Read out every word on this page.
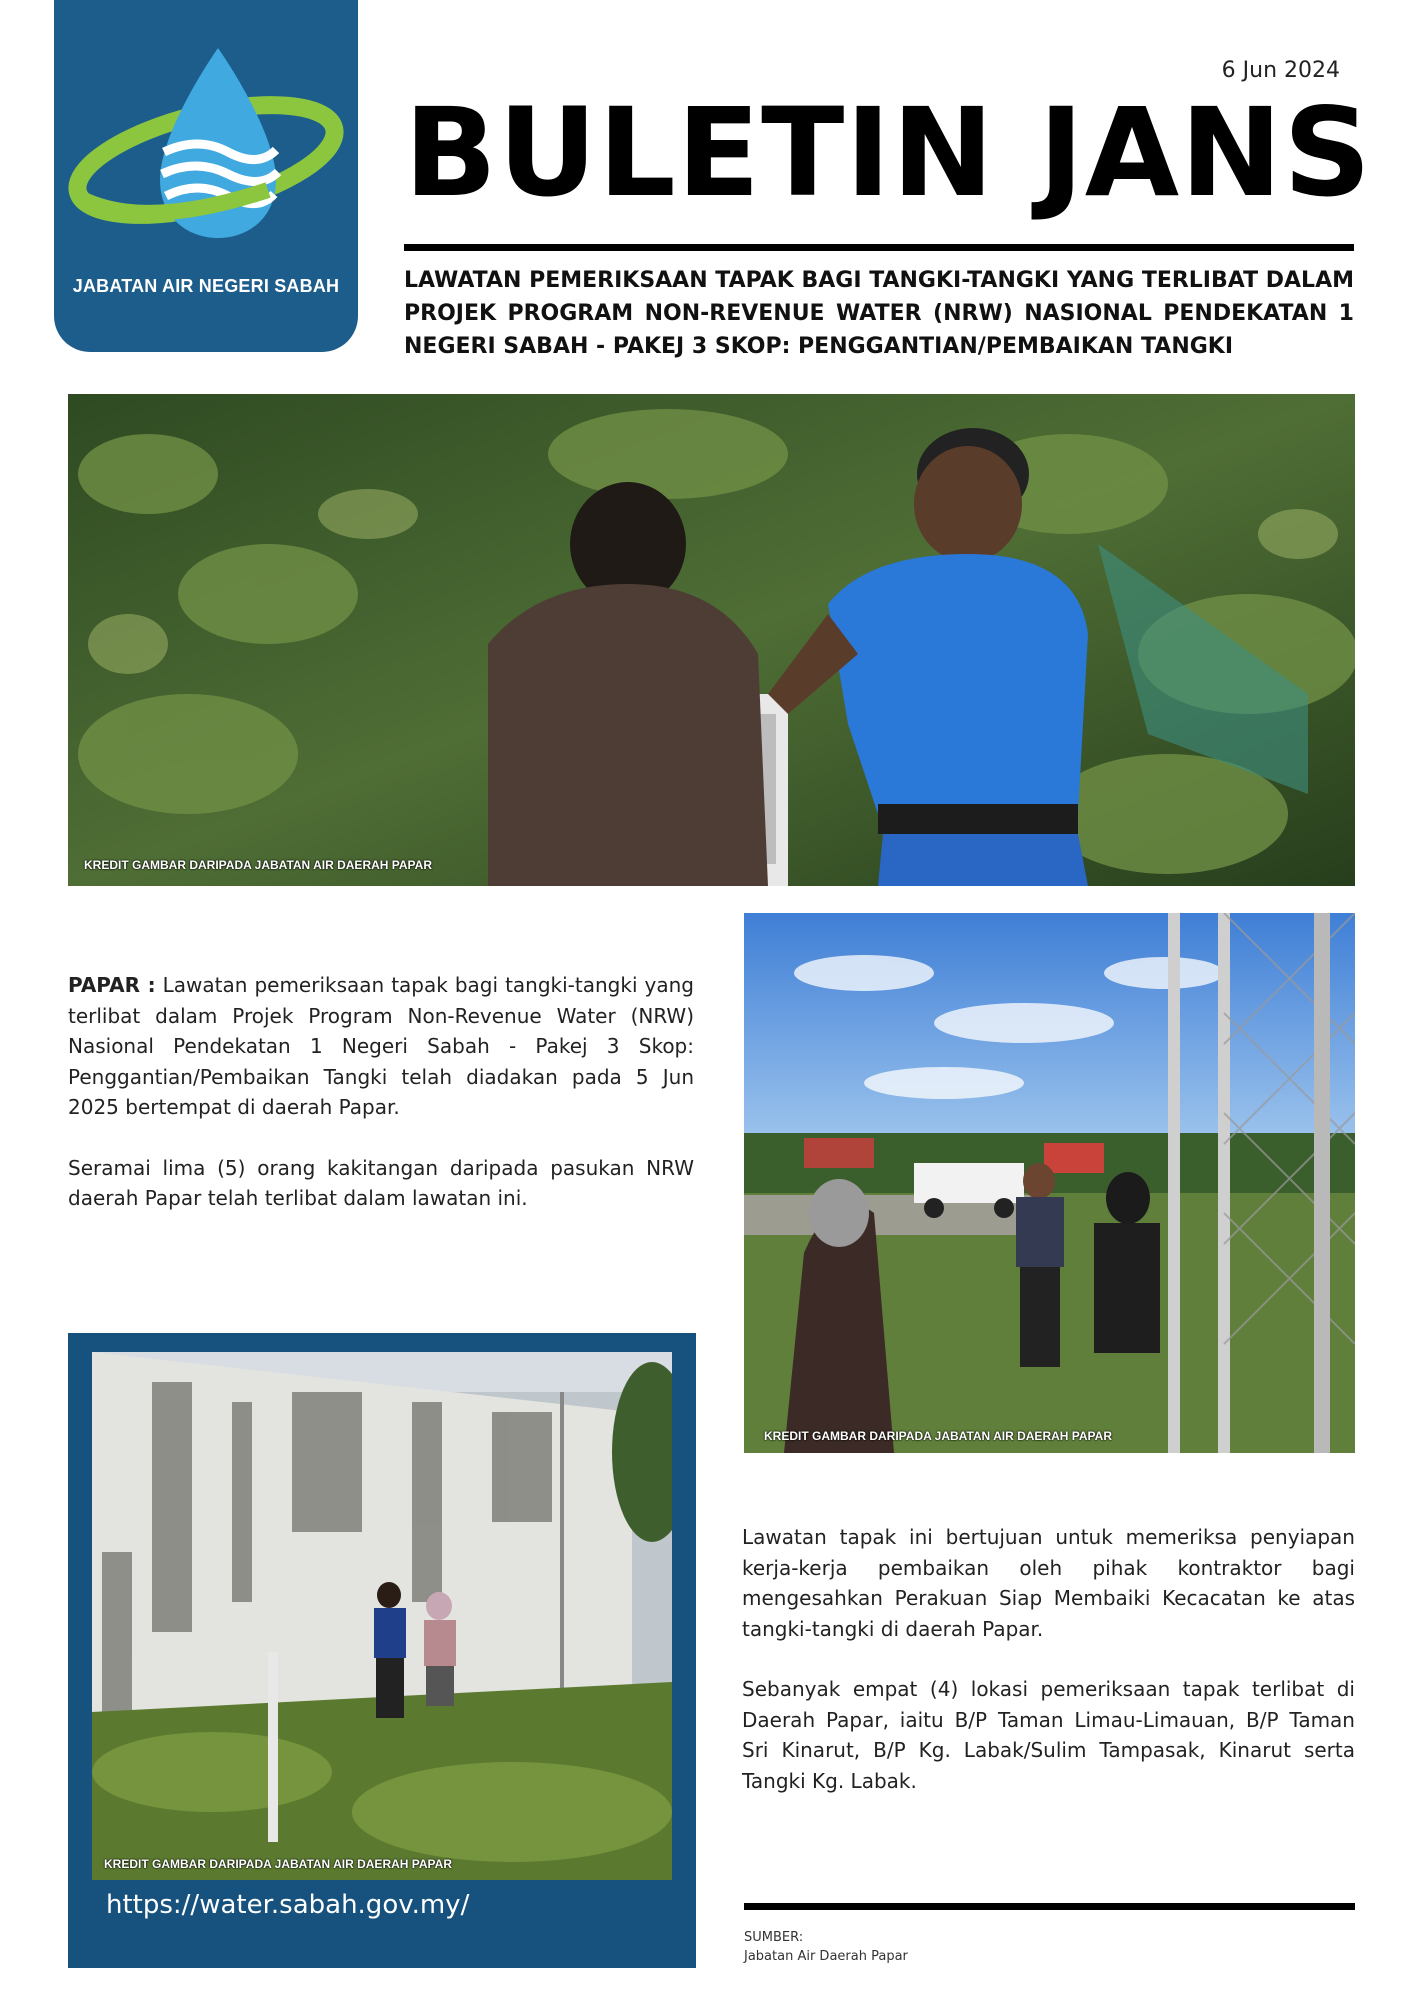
JABATAN AIR NEGERI SABAH
6 Jun 2024
BULETIN JANS
LAWATAN PEMERIKSAAN TAPAK BAGI TANGKI-TANGKI YANG TERLIBAT DALAM PROJEK PROGRAM NON-REVENUE WATER (NRW) NASIONAL PENDEKATAN 1 NEGERI SABAH - PAKEJ 3 SKOP: PENGGANTIAN/PEMBAIKAN TANGKI
KREDIT GAMBAR DARIPADA JABATAN AIR DAERAH PAPAR

PAPAR : Lawatan pemeriksaan tapak bagi tangki-tangki yang terlibat dalam Projek Program Non-Revenue Water (NRW) Nasional Pendekatan 1 Negeri Sabah - Pakej 3 Skop: Penggantian/Pembaikan Tangki telah diadakan pada 5 Jun 2025 bertempat di daerah Papar.

Seramai lima (5) orang kakitangan daripada pasukan NRW daerah Papar telah terlibat dalam lawatan ini.

KREDIT GAMBAR DARIPADA JABATAN AIR DAERAH PAPAR
KREDIT GAMBAR DARIPADA JABATAN AIR DAERAH PAPAR
https://water.sabah.gov.my/

Lawatan tapak ini bertujuan untuk memeriksa penyiapan kerja-kerja pembaikan oleh pihak kontraktor bagi mengesahkan Perakuan Siap Membaiki Kecacatan ke atas tangki-tangki di daerah Papar.

Sebanyak empat (4) lokasi pemeriksaan tapak terlibat di Daerah Papar, iaitu B/P Taman Limau-Limauan, B/P Taman Sri Kinarut, B/P Kg. Labak/Sulim Tampasak, Kinarut serta Tangki Kg. Labak.

SUMBER:
Jabatan Air Daerah Papar
